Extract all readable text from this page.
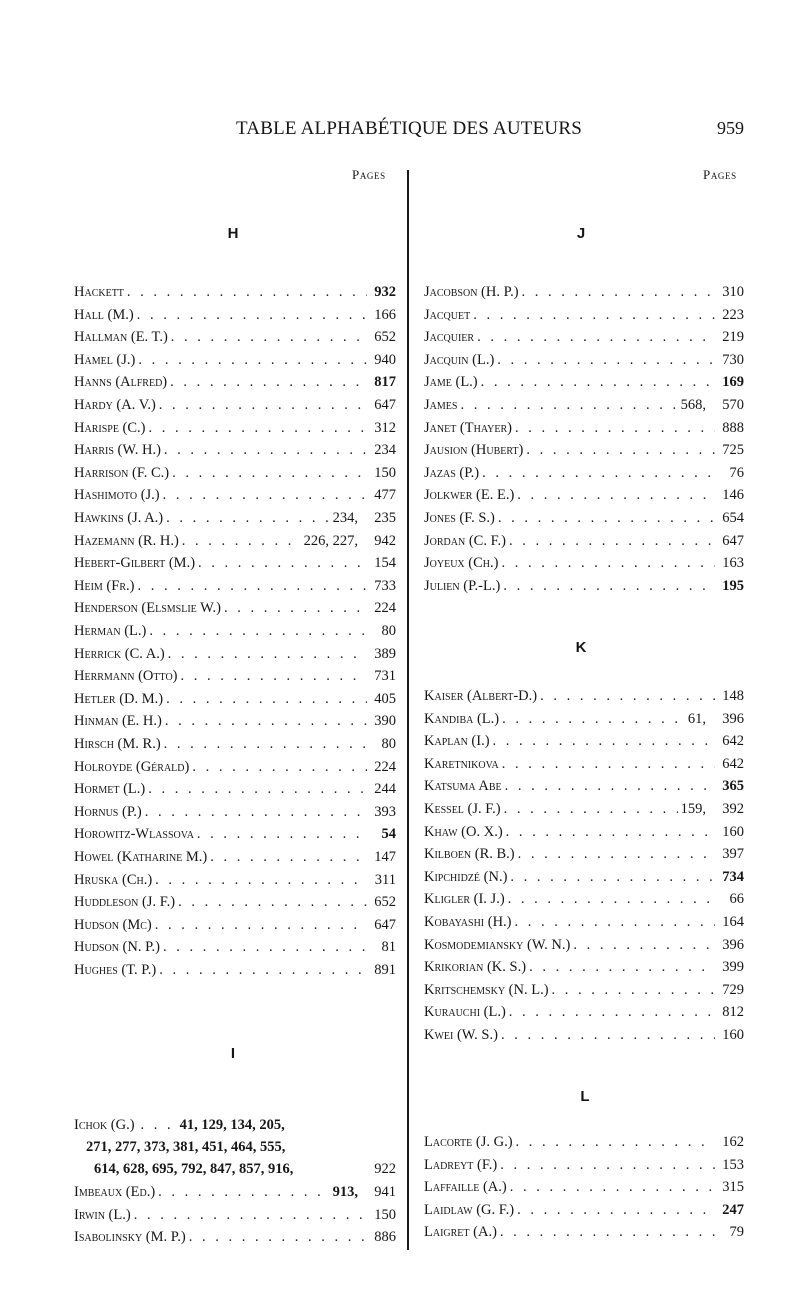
TABLE ALPHABÉTIQUE DES AUTEURS	959
Pages	Pages
H
I
Ichok (G.) . . . 41, 129, 134, 205,
271, 277, 373, 381, 451, 464, 555,
614, 628, 695, 792, 847, 857, 916,	922
Hackett . . .	932
Hall (M.) . . .	166
Hallman (E. T.) . . .	652
Hamel (J.) . . .	940
Hanns (Alfred) . . .	817
Hardy (A. V.) . . .	647
Harispe (C.) . . .	312
Harris (W. H.) . . .	234
Harrison (F. C.) . . .	150
Hashimoto (J.) . . .	477
Hawkins (J. A.) . . .	234, 235
Hazemann (R. H.) . . .	226, 227, 942
Hebert-Gilbert (M.) . . .	154
Heim (Fr.) . . .	733
Henderson (Elsmslie W.) . . .	224
Herman (L.) . . .	80
Herrick (C. A.) . . .	389
Herrmann (Otto) . . .	731
Hetler (D. M.) . . .	405
Hinman (E. H.) . . .	390
Hirsch (M. R.) . . .	80
Holroyde (Gérald) . . .	224
Hormet (L.) . . .	244
Hornus (P.) . . .	393
Horowitz-Wlassova . . .	54
Howel (Katharine M.) . . .	147
Hruska (Ch.) . . .	311
Huddleson (J. F.) . . .	652
Hudson (Mc) . . .	647
Hudson (N. P.) . . .	81
Hughes (T. P.) . . .	891
Imbeaux (Ed.) . . .	913, 941
Irwin (L.) . . .	150
Isabolinsky (M. P.) . . .	886
J
K
L
Jacobson (H. P.) . . .	310
Jacquet . . .	223
Jacquier . . .	219
Jacquin (L.) . . .	730
Jame (L.) . . .	169
James . . .	568, 570
Janet (Thayer) . . .	888
Jausion (Hubert) . . .	725
Jazas (P.) . . .	76
Jolkwer (E. E.) . . .	146
Jones (F. S.) . . .	654
Jordan (C. F.) . . .	647
Joyeux (Ch.) . . .	163
Julien (P.-L.) . . .	195
Kaiser (Albert-D.) . . .	148
Kandiba (L.) . . .	61, 396
Kaplan (I.) . . .	642
Karetnikova . . .	642
Katsuma Abe . . .	365
Kessel (J. F.) . . .	159, 392
Khaw (O. X.) . . .	160
Kilboen (R. B.) . . .	397
Kipchidzé (N.) . . .	734
Kligler (I. J.) . . .	66
Kobayashi (H.) . . .	164
Kosmodemiansky (W. N.) . . .	396
Krikorian (K. S.) . . .	399
Kritschemsky (N. L.) . . .	729
Kurauchi (L.) . . .	812
Kwei (W. S.) . . .	160
Lacorte (J. G.) . . .	162
Ladreyt (F.) . . .	153
Laffaille (A.) . . .	315
Laidlaw (G. F.) . . .	247
Laigret (A.) . . .	79
